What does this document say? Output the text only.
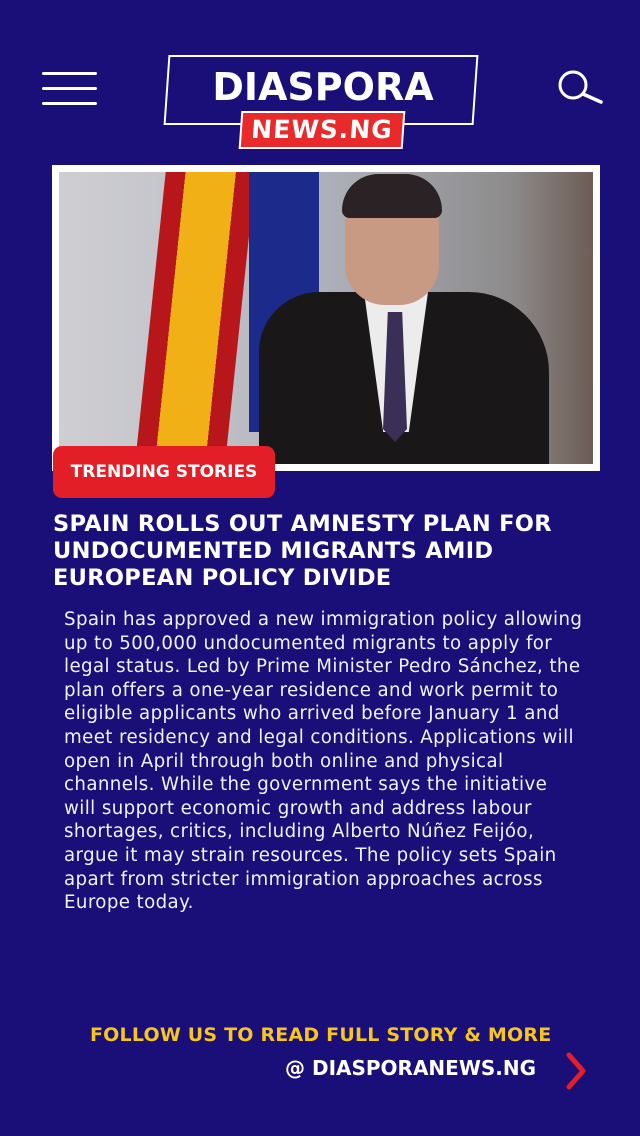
DIASPORA
NEWS.NG
TRENDING STORIES
SPAIN ROLLS OUT AMNESTY PLAN FOR UNDOCUMENTED MIGRANTS AMID EUROPEAN POLICY DIVIDE
Spain has approved a new immigration policy allowing up to 500,000 undocumented migrants to apply for legal status. Led by Prime Minister Pedro Sánchez, the plan offers a one-year residence and work permit to eligible applicants who arrived before January 1 and meet residency and legal conditions. Applications will open in April through both online and physical channels. While the government says the initiative will support economic growth and address labour shortages, critics, including Alberto Núñez Feijóo, argue it may strain resources. The policy sets Spain apart from stricter immigration approaches across Europe today.
FOLLOW US TO READ FULL STORY & MORE
@ DIASPORANEWS.NG
